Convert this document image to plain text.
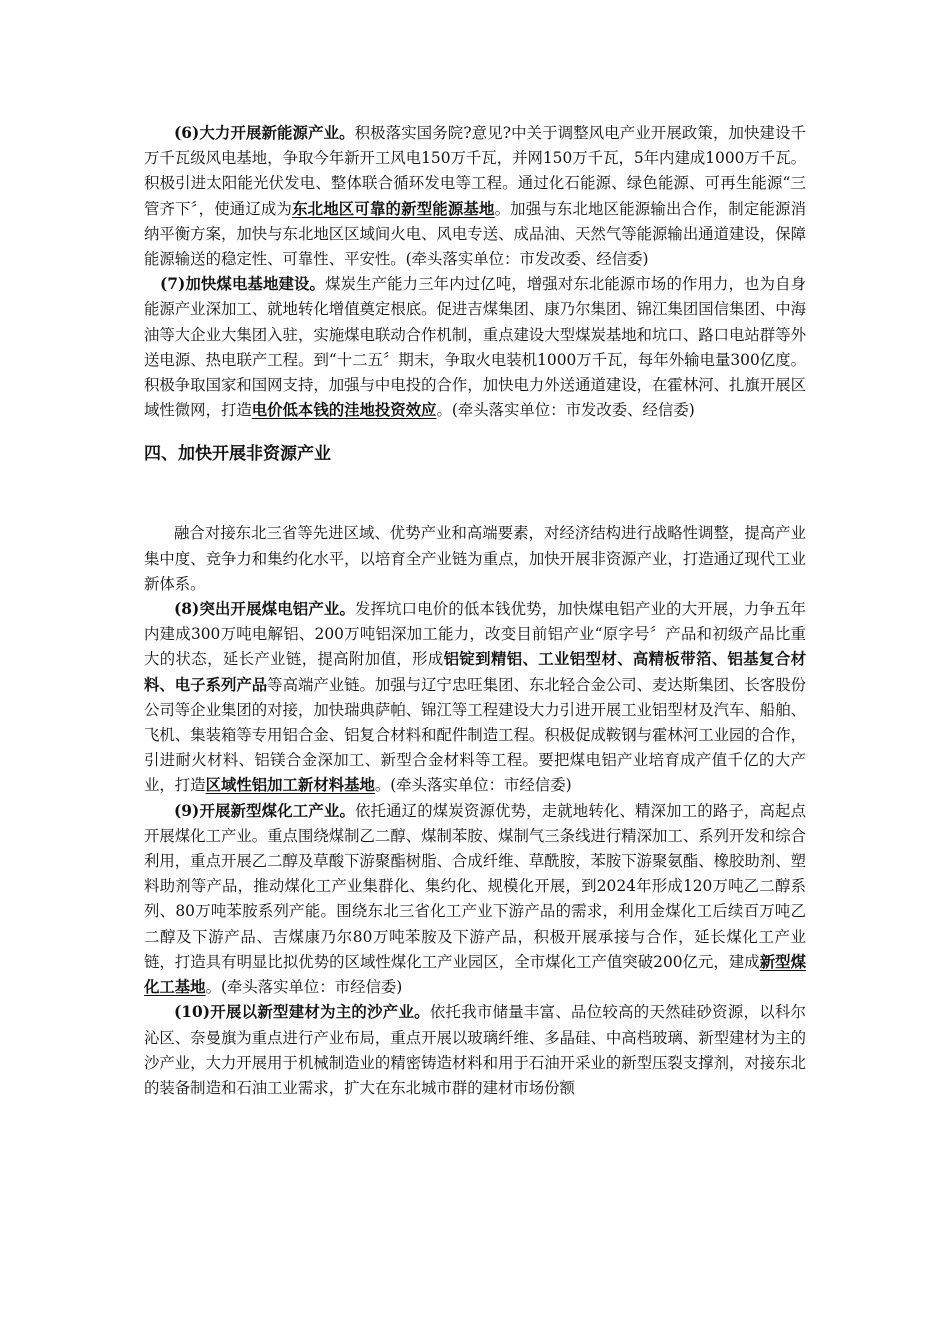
(6)大力开展新能源产业。积极落实国务院?意见?中关于调整风电产业开展政策，加快建设千万千瓦级风电基地，争取今年新开工风电150万千瓦，并网150万千瓦，5年内建成1000万千瓦。积极引进太阳能光伏发电、整体联合循环发电等工程。通过化石能源、绿色能源、可再生能源“三管齐下〞，使通辽成为东北地区可靠的新型能源基地。加强与东北地区能源输出合作，制定能源消纳平衡方案，加快与东北地区区域间火电、风电专送、成品油、天然气等能源输出通道建设，保障能源输送的稳定性、可靠性、平安性。(牵头落实单位：市发改委、经信委)

(7)加快煤电基地建设。煤炭生产能力三年内过亿吨，增强对东北能源市场的作用力，也为自身能源产业深加工、就地转化增值奠定根底。促进吉煤集团、康乃尔集团、锦江集团国信集团、中海油等大企业大集团入驻，实施煤电联动合作机制，重点建设大型煤炭基地和坑口、路口电站群等外送电源、热电联产工程。到“十二五〞期末，争取火电装机1000万千瓦，每年外输电量300亿度。积极争取国家和国网支持，加强与中电投的合作，加快电力外送通道建设，在霍林河、扎旗开展区域性微网，打造电价低本钱的洼地投资效应。(牵头落实单位：市发改委、经信委)

四、加快开展非资源产业

融合对接东北三省等先进区域、优势产业和高端要素，对经济结构进行战略性调整，提高产业集中度、竞争力和集约化水平，以培育全产业链为重点，加快开展非资源产业，打造通辽现代工业新体系。

(8)突出开展煤电铝产业。发挥坑口电价的低本钱优势，加快煤电铝产业的大开展，力争五年内建成300万吨电解铝、200万吨铝深加工能力，改变目前铝产业“原字号〞产品和初级产品比重大的状态，延长产业链，提高附加值，形成铝锭到精铝、工业铝型材、高精板带箔、铝基复合材料、电子系列产品等高端产业链。加强与辽宁忠旺集团、东北轻合金公司、麦达斯集团、长客股份公司等企业集团的对接，加快瑞典萨帕、锦江等工程建设大力引进开展工业铝型材及汽车、船舶、飞机、集装箱等专用铝合金、铝复合材料和配件制造工程。积极促成鞍钢与霍林河工业园的合作，引进耐火材料、铝镁合金深加工、新型合金材料等工程。要把煤电铝产业培育成产值千亿的大产业，打造区域性铝加工新材料基地。(牵头落实单位：市经信委)

(9)开展新型煤化工产业。依托通辽的煤炭资源优势，走就地转化、精深加工的路子，高起点开展煤化工产业。重点围绕煤制乙二醇、煤制苯胺、煤制气三条线进行精深加工、系列开发和综合利用，重点开展乙二醇及草酸下游聚酯树脂、合成纤维、草酰胺，苯胺下游聚氨酯、橡胶助剂、塑料助剂等产品，推动煤化工产业集群化、集约化、规模化开展，到2024年形成120万吨乙二醇系列、80万吨苯胺系列产能。围绕东北三省化工产业下游产品的需求，利用金煤化工后续百万吨乙二醇及下游产品、吉煤康乃尔80万吨苯胺及下游产品，积极开展承接与合作，延长煤化工产业链，打造具有明显比拟优势的区域性煤化工产业园区，全市煤化工产值突破200亿元，建成新型煤化工基地。(牵头落实单位：市经信委)

(10)开展以新型建材为主的沙产业。依托我市储量丰富、品位较高的天然硅砂资源，以科尔沁区、奈曼旗为重点进行产业布局，重点开展以玻璃纤维、多晶硅、中高档玻璃、新型建材为主的沙产业，大力开展用于机械制造业的精密铸造材料和用于石油开采业的新型压裂支撑剂，对接东北的装备制造和石油工业需求，扩大在东北城市群的建材市场份额
